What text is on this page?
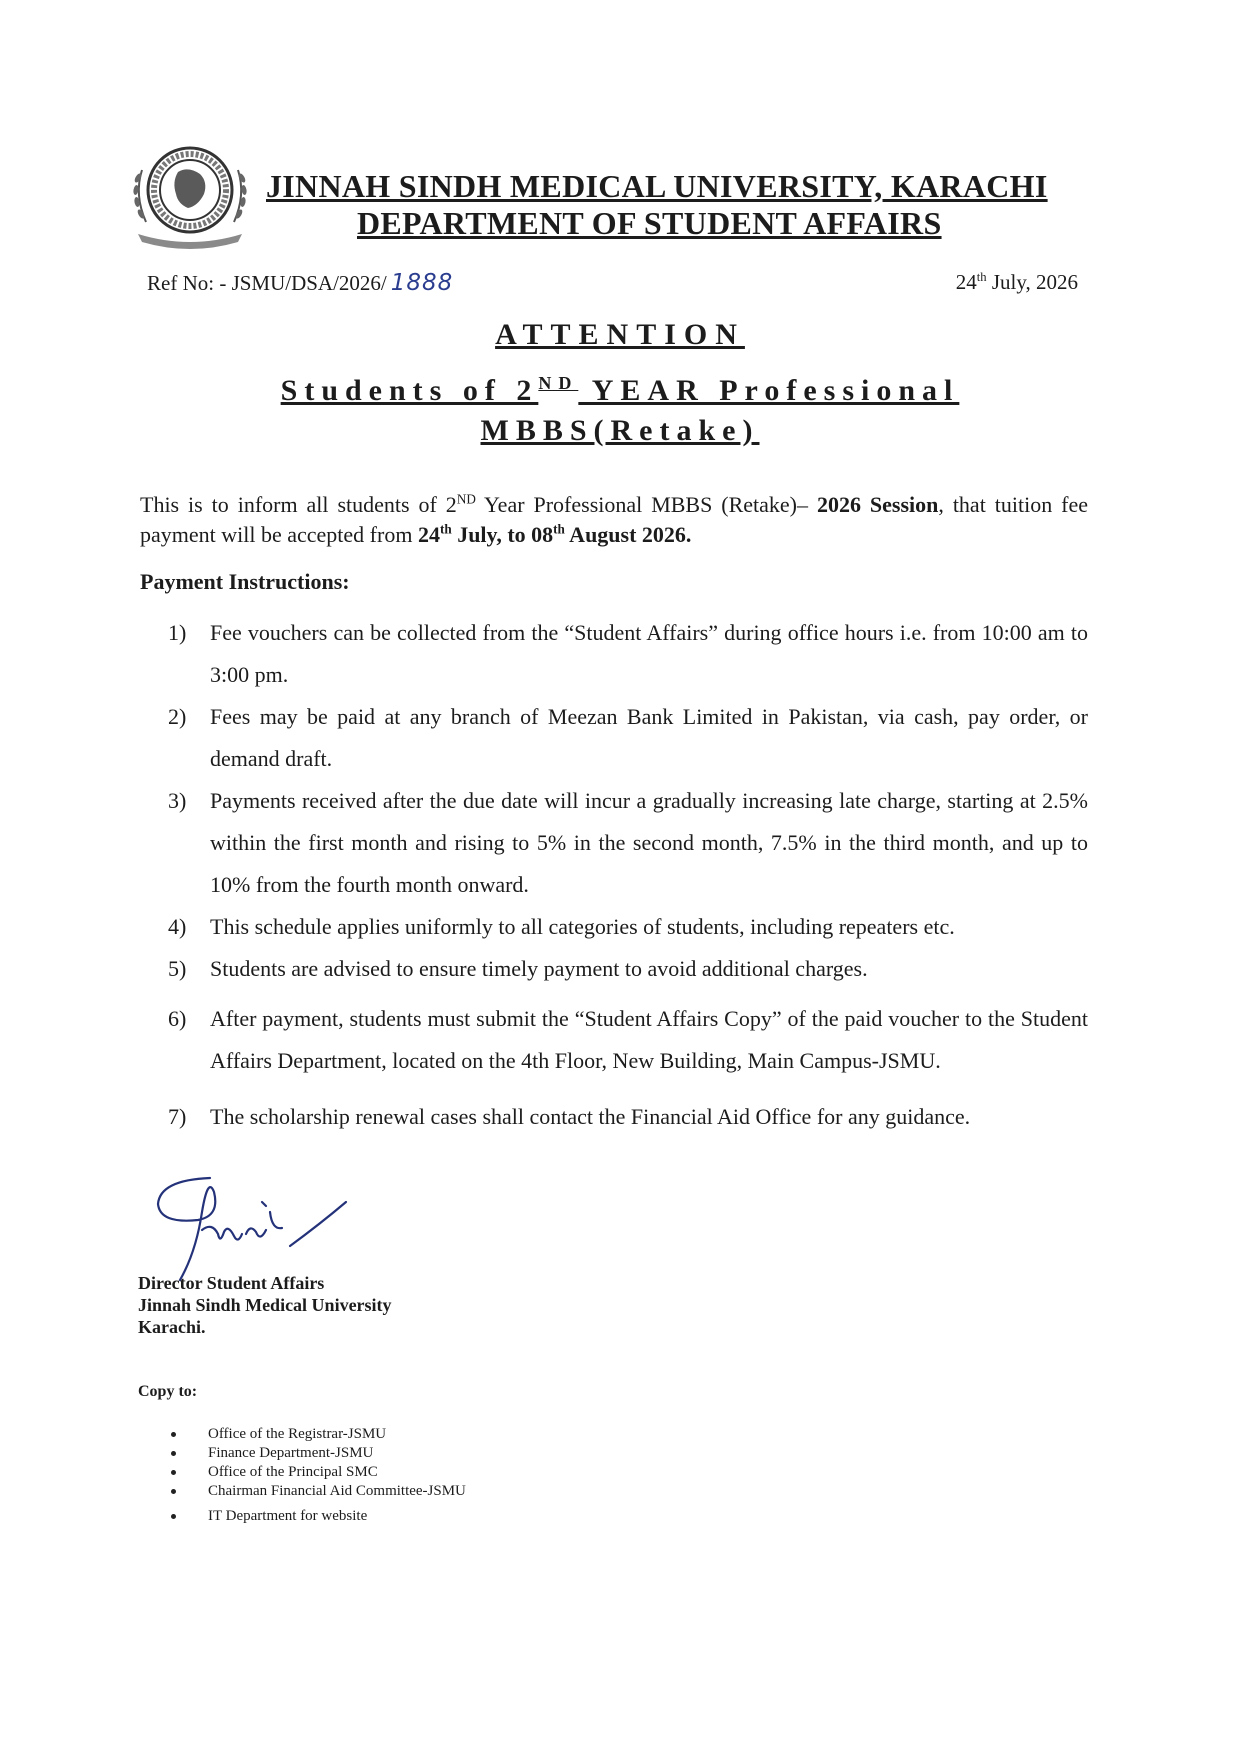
JINNAH SINDH MEDICAL UNIVERSITY, KARACHI
DEPARTMENT OF STUDENT AFFAIRS
Ref No: - JSMU/DSA/2026/ 1888	24th July, 2026
ATTENTION
Students of 2ND YEAR Professional
MBBS(Retake)
This is to inform all students of 2ND Year Professional MBBS (Retake)– 2026 Session, that tuition fee payment will be accepted from 24th July, to 08th August 2026.
Payment Instructions:
1) Fee vouchers can be collected from the “Student Affairs” during office hours i.e. from 10:00 am to 3:00 pm.
2) Fees may be paid at any branch of Meezan Bank Limited in Pakistan, via cash, pay order, or demand draft.
3) Payments received after the due date will incur a gradually increasing late charge, starting at 2.5% within the first month and rising to 5% in the second month, 7.5% in the third month, and up to 10% from the fourth month onward.
4) This schedule applies uniformly to all categories of students, including repeaters etc.
5) Students are advised to ensure timely payment to avoid additional charges.
6) After payment, students must submit the “Student Affairs Copy” of the paid voucher to the Student Affairs Department, located on the 4th Floor, New Building, Main Campus-JSMU.
7) The scholarship renewal cases shall contact the Financial Aid Office for any guidance.
Director Student Affairs
Jinnah Sindh Medical University
Karachi.
Copy to:
Office of the Registrar-JSMU
Finance Department-JSMU
Office of the Principal SMC
Chairman Financial Aid Committee-JSMU
IT Department for website
